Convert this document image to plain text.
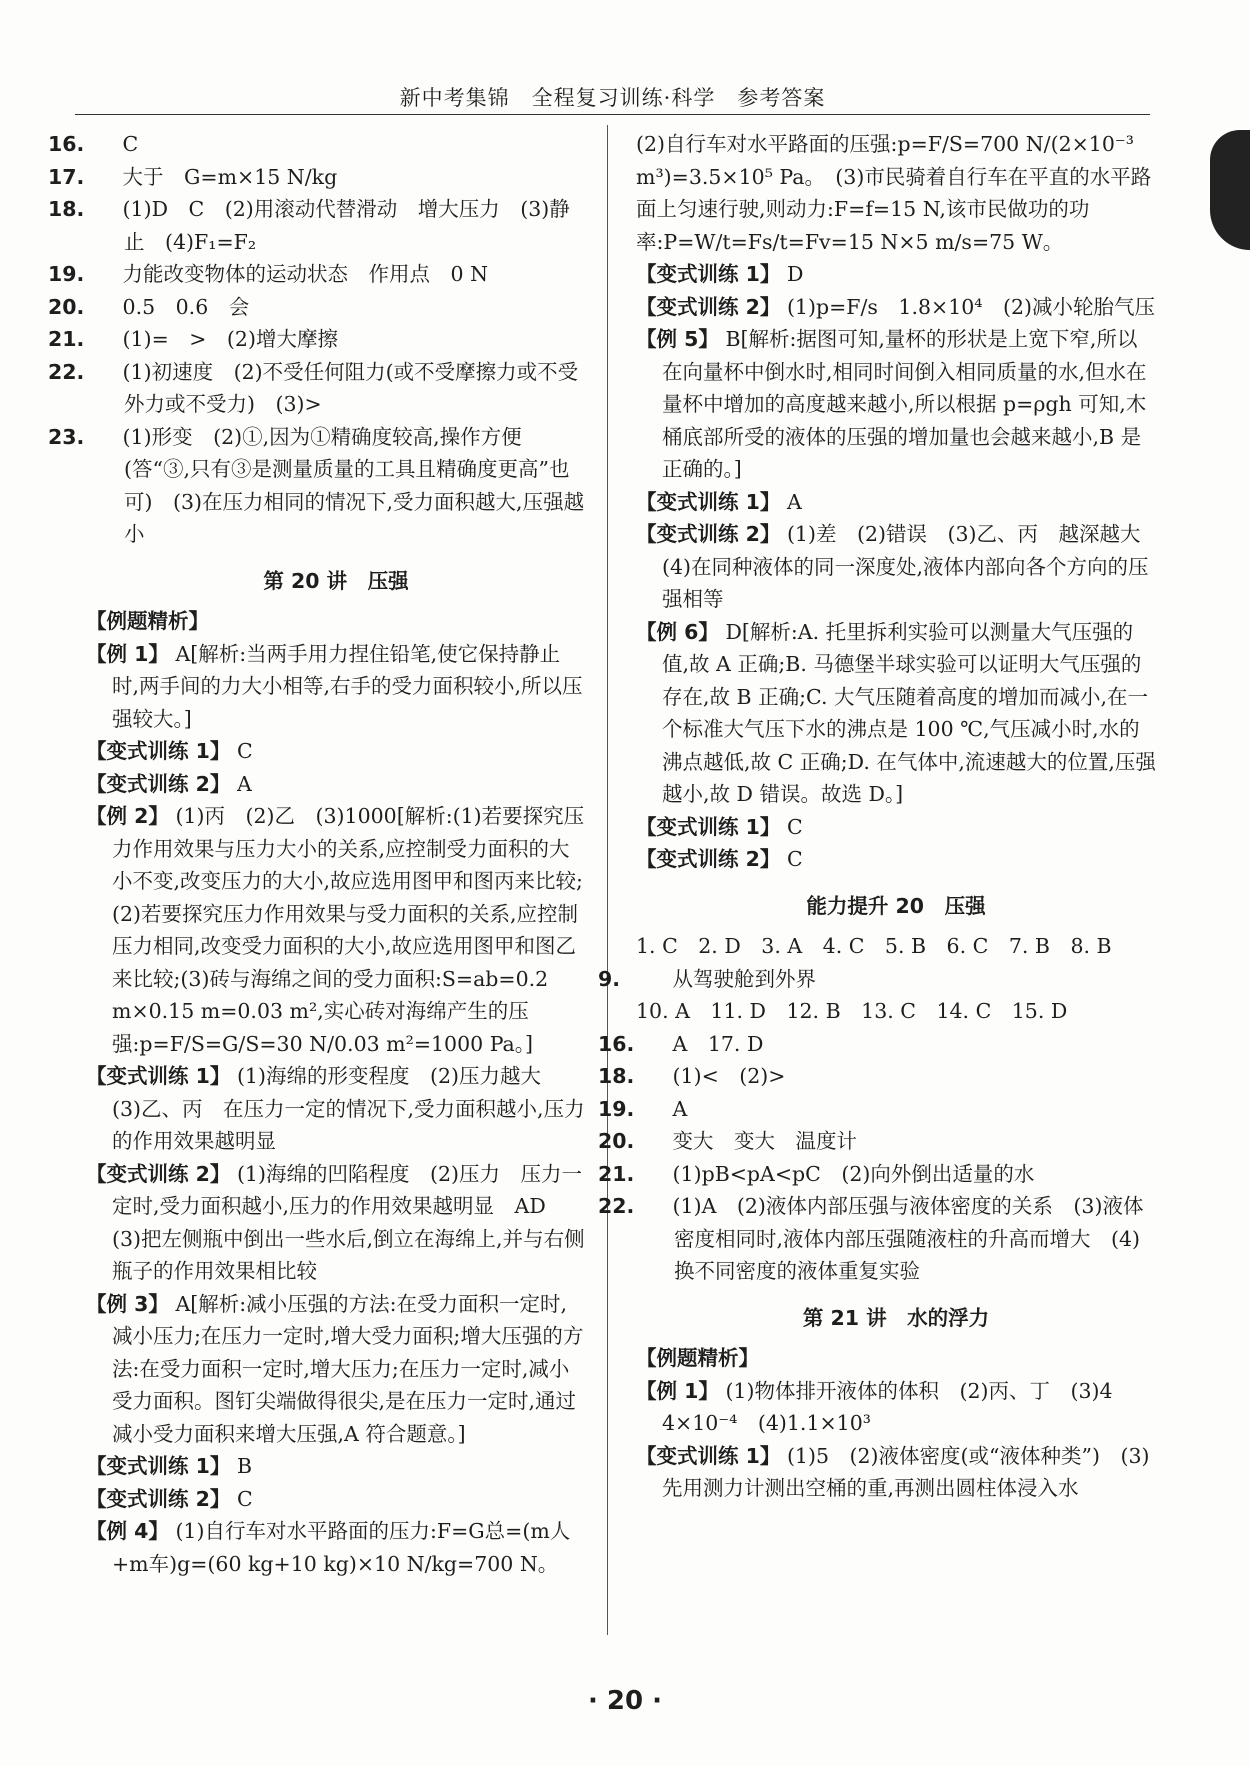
新中考集锦　全程复习训练·科学　参考答案

16. C

17. 大于　G=m×15 N/kg

18. (1)D　C　(2)用滚动代替滑动　增大压力　(3)静止　(4)F₁=F₂

19. 力能改变物体的运动状态　作用点　0 N

20. 0.5　0.6　会

21. (1)=　>　(2)增大摩擦

22. (1)初速度　(2)不受任何阻力(或不受摩擦力或不受外力或不受力)　(3)>

23. (1)形变　(2)①,因为①精确度较高,操作方便(答“③,只有③是测量质量的工具且精确度更高”也可)　(3)在压力相同的情况下,受力面积越大,压强越小

第 20 讲　压强

【例题精析】

【例 1】 A[解析:当两手用力捏住铅笔,使它保持静止时,两手间的力大小相等,右手的受力面积较小,所以压强较大。]

【变式训练 1】 C

【变式训练 2】 A

【例 2】 (1)丙　(2)乙　(3)1000[解析:(1)若要探究压力作用效果与压力大小的关系,应控制受力面积的大小不变,改变压力的大小,故应选用图甲和图丙来比较;(2)若要探究压力作用效果与受力面积的关系,应控制压力相同,改变受力面积的大小,故应选用图甲和图乙来比较;(3)砖与海绵之间的受力面积:S=ab=0.2 m×0.15 m=0.03 m²,实心砖对海绵产生的压强:p=F/S=G/S=30 N/0.03 m²=1000 Pa。]

【变式训练 1】 (1)海绵的形变程度　(2)压力越大　(3)乙、丙　在压力一定的情况下,受力面积越小,压力的作用效果越明显

【变式训练 2】 (1)海绵的凹陷程度　(2)压力　压力一定时,受力面积越小,压力的作用效果越明显　AD　(3)把左侧瓶中倒出一些水后,倒立在海绵上,并与右侧瓶子的作用效果相比较

【例 3】 A[解析:减小压强的方法:在受力面积一定时,减小压力;在压力一定时,增大受力面积;增大压强的方法:在受力面积一定时,增大压力;在压力一定时,减小受力面积。图钉尖端做得很尖,是在压力一定时,通过减小受力面积来增大压强,A 符合题意。]

【变式训练 1】 B

【变式训练 2】 C

【例 4】 (1)自行车对水平路面的压力:F=G总=(m人+m车)g=(60 kg+10 kg)×10 N/kg=700 N。

(2)自行车对水平路面的压强:p=F/S=700 N/(2×10⁻³ m³)=3.5×10⁵ Pa。　(3)市民骑着自行车在平直的水平路面上匀速行驶,则动力:F=f=15 N,该市民做功的功率:P=W/t=Fs/t=Fv=15 N×5 m/s=75 W。

【变式训练 1】 D

【变式训练 2】 (1)p=F/s　1.8×10⁴　(2)减小轮胎气压

【例 5】 B[解析:据图可知,量杯的形状是上宽下窄,所以在向量杯中倒水时,相同时间倒入相同质量的水,但水在量杯中增加的高度越来越小,所以根据 p=ρgh 可知,木桶底部所受的液体的压强的增加量也会越来越小,B 是正确的。]

【变式训练 1】 A

【变式训练 2】 (1)差　(2)错误　(3)乙、丙　越深越大　(4)在同种液体的同一深度处,液体内部向各个方向的压强相等

【例 6】 D[解析:A. 托里拆利实验可以测量大气压强的值,故 A 正确;B. 马德堡半球实验可以证明大气压强的存在,故 B 正确;C. 大气压随着高度的增加而减小,在一个标准大气压下水的沸点是 100 ℃,气压减小时,水的沸点越低,故 C 正确;D. 在气体中,流速越大的位置,压强越小,故 D 错误。故选 D。]

【变式训练 1】 C

【变式训练 2】 C

能力提升 20　压强

1. C　2. D　3. A　4. C　5. B　6. C　7. B　8. B

9.	从驾驶舱到外界

10. A　11. D　12. B　13. C　14. C　15. D

16. A　17. D

18. (1)<　(2)>

19. A

20. 变大　变大　温度计

21. (1)pB<pA<pC　(2)向外倒出适量的水

22. (1)A　(2)液体内部压强与液体密度的关系　(3)液体密度相同时,液体内部压强随液柱的升高而增大　(4)换不同密度的液体重复实验

第 21 讲　水的浮力

【例题精析】

【例 1】 (1)物体排开液体的体积　(2)丙、丁　(3)4　4×10⁻⁴　(4)1.1×10³

【变式训练 1】 (1)5　(2)液体密度(或“液体种类”)　(3)先用测力计测出空桶的重,再测出圆柱体浸入水

· 20 ·
